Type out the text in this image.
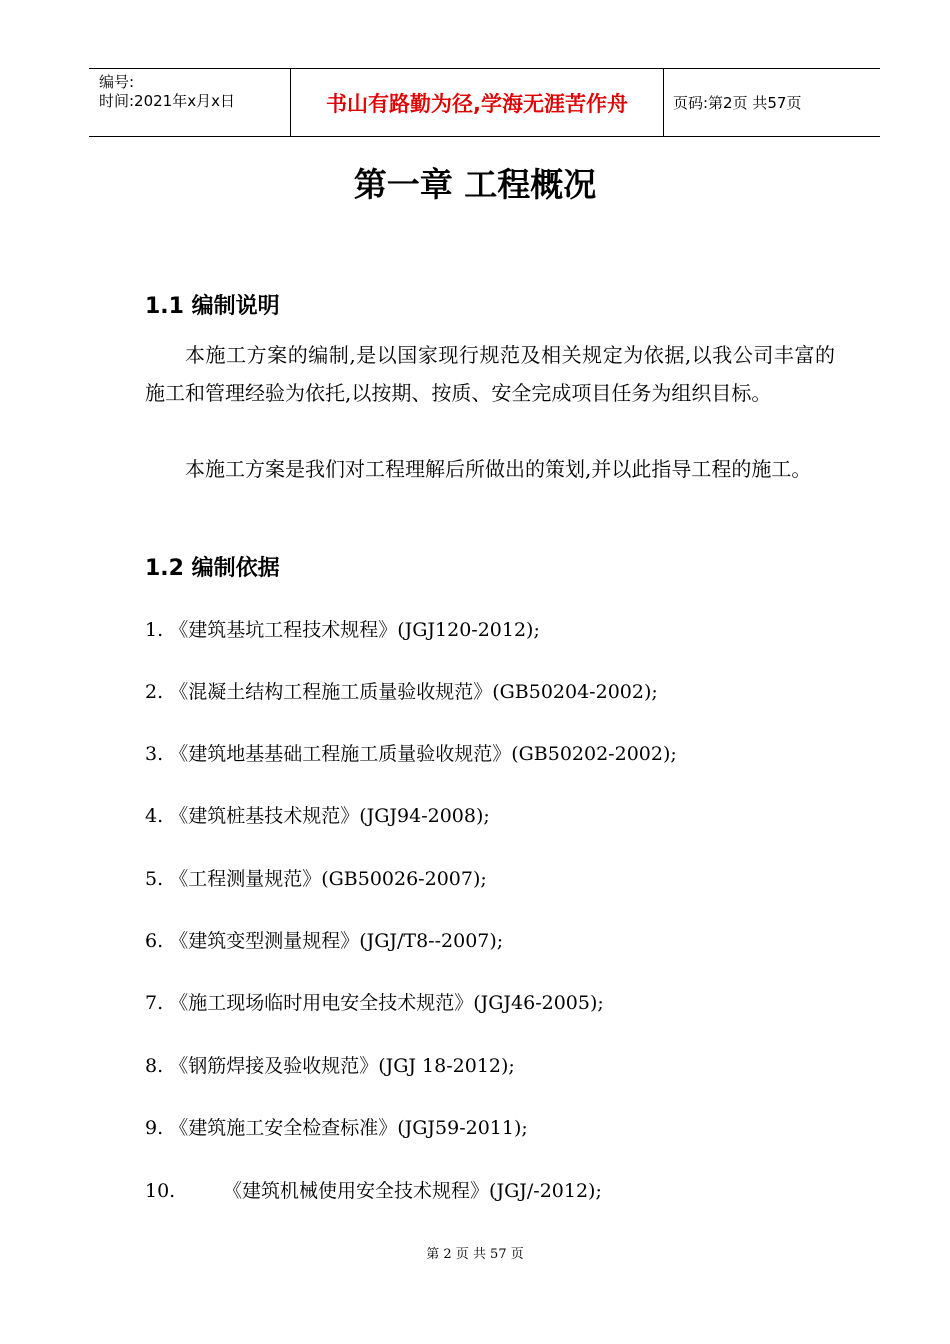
编号:
时间:2021年x月x日	书山有路勤为径,学海无涯苦作舟	页码:第2页 共57页
第一章 工程概况
1.1 编制说明

本施工方案的编制,是以国家现行规范及相关规定为依据,以我公司丰富的施工和管理经验为依托,以按期、按质、安全完成项目任务为组织目标。

本施工方案是我们对工程理解后所做出的策划,并以此指导工程的施工。

1.2 编制依据
1. 《建筑基坑工程技术规程》(JGJ120-2012);
2. 《混凝土结构工程施工质量验收规范》(GB50204-2002);
3. 《建筑地基基础工程施工质量验收规范》(GB50202-2002);
4. 《建筑桩基技术规范》(JGJ94-2008);
5. 《工程测量规范》(GB50026-2007);
6. 《建筑变型测量规程》(JGJ/T8--2007);
7. 《施工现场临时用电安全技术规范》(JGJ46-2005);
8. 《钢筋焊接及验收规范》(JGJ 18-2012);
9. 《建筑施工安全检查标准》(JGJ59-2011);
10.	《建筑机械使用安全技术规程》(JGJ/-2012);
第 2 页 共 57 页
